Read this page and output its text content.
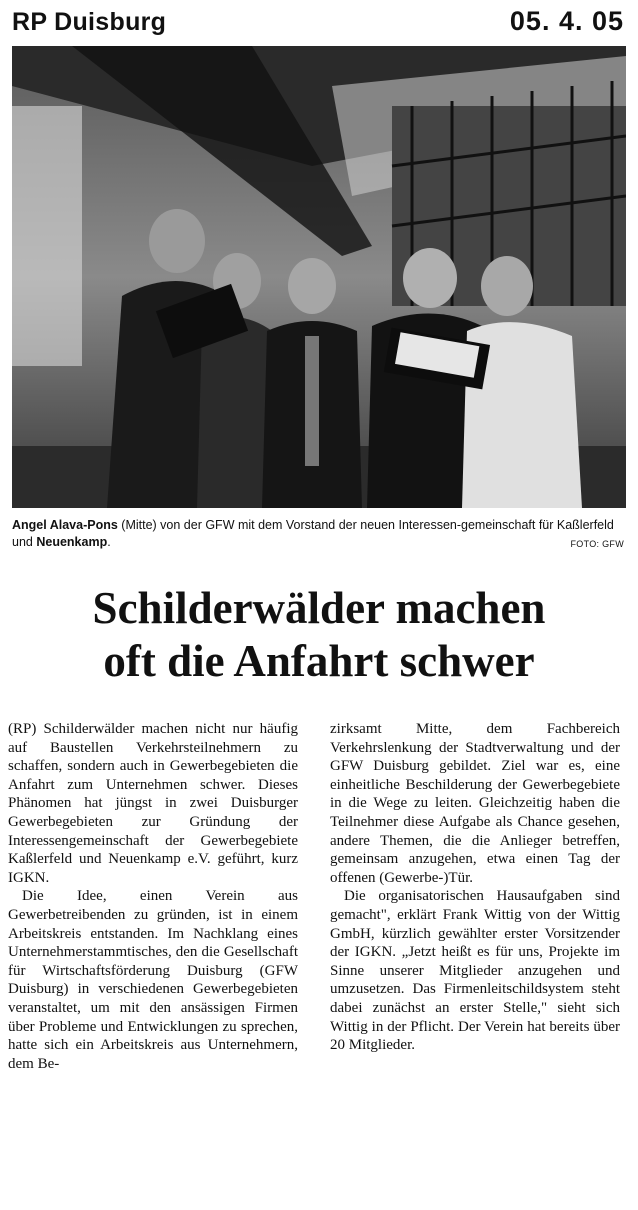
RP Duisburg	05. 4. 05
Angel Alava-Pons (Mitte) von der GFW mit dem Vorstand der neuen Interessen-gemeinschaft für Kaßlerfeld und Neuenkamp.	FOTO: GFW
Schilderwälder machen
oft die Anfahrt schwer

(RP) Schilderwälder machen nicht nur häufig auf Baustellen Verkehrsteilnehmern zu schaffen, sondern auch in Gewerbegebieten die Anfahrt zum Unternehmen schwer. Dieses Phänomen hat jüngst in zwei Duisburger Gewerbegebieten zur Gründung der Interessengemeinschaft der Gewerbegebiete Kaßlerfeld und Neuenkamp e.V. geführt, kurz IGKN.

Die Idee, einen Verein aus Gewerbetreibenden zu gründen, ist in einem Arbeitskreis entstanden. Im Nachklang eines Unternehmerstammtisches, den die Gesellschaft für Wirtschaftsförderung Duisburg (GFW Duisburg) in verschiedenen Gewerbegebieten veranstaltet, um mit den ansässigen Firmen über Probleme und Entwicklungen zu sprechen, hatte sich ein Arbeitskreis aus Unternehmern, dem Be-

zirksamt Mitte, dem Fachbereich Verkehrslenkung der Stadtverwaltung und der GFW Duisburg gebildet. Ziel war es, eine einheitliche Beschilderung der Gewerbegebiete in die Wege zu leiten. Gleichzeitig haben die Teilnehmer diese Aufgabe als Chance gesehen, andere Themen, die die Anlieger betreffen, gemeinsam anzugehen, etwa einen Tag der offenen (Gewerbe-)Tür.

Die organisatorischen Hausaufgaben sind gemacht", erklärt Frank Wittig von der Wittig GmbH, kürzlich gewählter erster Vorsitzender der IGKN. „Jetzt heißt es für uns, Projekte im Sinne unserer Mitglieder anzugehen und umzusetzen. Das Firmenleitschildsystem steht dabei zunächst an erster Stelle," sieht sich Wittig in der Pflicht. Der Verein hat bereits über 20 Mitglieder.
